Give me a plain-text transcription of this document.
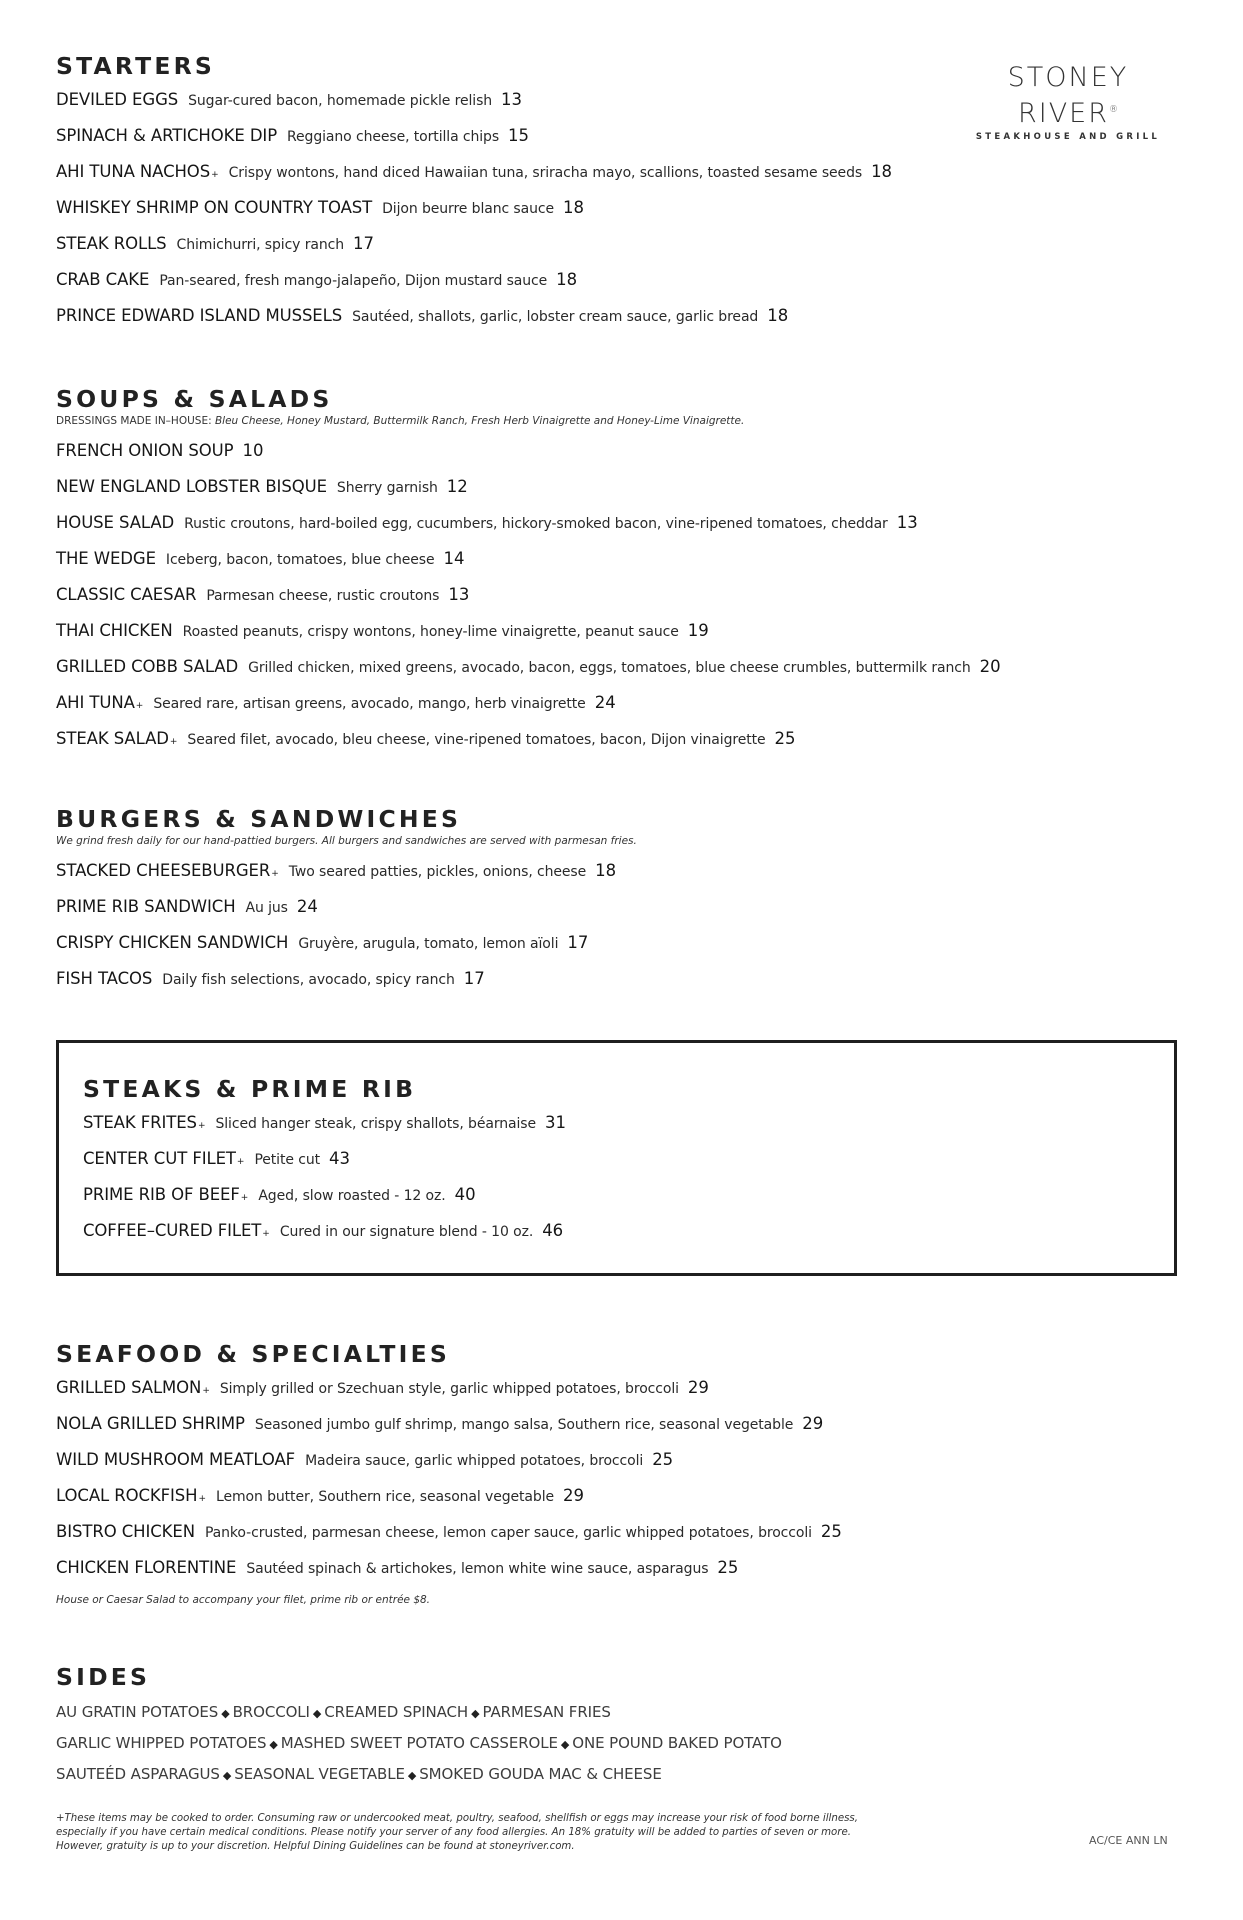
STONEY RIVER®
STEAKHOUSE AND GRILL
STARTERS
DEVILED EGGS Sugar-cured bacon, homemade pickle relish 13
SPINACH & ARTICHOKE DIP Reggiano cheese, tortilla chips 15
AHI TUNA NACHOS + Crispy wontons, hand diced Hawaiian tuna, sriracha mayo, scallions, toasted sesame seeds 18
WHISKEY SHRIMP ON COUNTRY TOAST Dijon beurre blanc sauce 18
STEAK ROLLS Chimichurri, spicy ranch 17
CRAB CAKE Pan-seared, fresh mango-jalapeño, Dijon mustard sauce 18
PRINCE EDWARD ISLAND MUSSELS Sautéed, shallots, garlic, lobster cream sauce, garlic bread 18
SOUPS & SALADS
DRESSINGS MADE IN–HOUSE: Bleu Cheese, Honey Mustard, Buttermilk Ranch, Fresh Herb Vinaigrette and Honey-Lime Vinaigrette.
FRENCH ONION SOUP 10
NEW ENGLAND LOBSTER BISQUE Sherry garnish 12
HOUSE SALAD Rustic croutons, hard-boiled egg, cucumbers, hickory-smoked bacon, vine-ripened tomatoes, cheddar 13
THE WEDGE Iceberg, bacon, tomatoes, blue cheese 14
CLASSIC CAESAR Parmesan cheese, rustic croutons 13
THAI CHICKEN Roasted peanuts, crispy wontons, honey-lime vinaigrette, peanut sauce 19
GRILLED COBB SALAD Grilled chicken, mixed greens, avocado, bacon, eggs, tomatoes, blue cheese crumbles, buttermilk ranch 20
AHI TUNA + Seared rare, artisan greens, avocado, mango, herb vinaigrette 24
STEAK SALAD + Seared filet, avocado, bleu cheese, vine-ripened tomatoes, bacon, Dijon vinaigrette 25
BURGERS & SANDWICHES
We grind fresh daily for our hand-pattied burgers. All burgers and sandwiches are served with parmesan fries.
STACKED CHEESEBURGER + Two seared patties, pickles, onions, cheese 18
PRIME RIB SANDWICH Au jus 24
CRISPY CHICKEN SANDWICH Gruyère, arugula, tomato, lemon aïoli 17
FISH TACOS Daily fish selections, avocado, spicy ranch 17
STEAKS & PRIME RIB
STEAK FRITES + Sliced hanger steak, crispy shallots, béarnaise 31
CENTER CUT FILET + Petite cut 43
PRIME RIB OF BEEF + Aged, slow roasted - 12 oz. 40
COFFEE–CURED FILET + Cured in our signature blend - 10 oz. 46
SEAFOOD & SPECIALTIES
GRILLED SALMON + Simply grilled or Szechuan style, garlic whipped potatoes, broccoli 29
NOLA GRILLED SHRIMP Seasoned jumbo gulf shrimp, mango salsa, Southern rice, seasonal vegetable 29
WILD MUSHROOM MEATLOAF Madeira sauce, garlic whipped potatoes, broccoli 25
LOCAL ROCKFISH + Lemon butter, Southern rice, seasonal vegetable 29
BISTRO CHICKEN Panko-crusted, parmesan cheese, lemon caper sauce, garlic whipped potatoes, broccoli 25
CHICKEN FLORENTINE Sautéed spinach & artichokes, lemon white wine sauce, asparagus 25
House or Caesar Salad to accompany your filet, prime rib or entrée $8.
SIDES
AU GRATIN POTATOES ◆ BROCCOLI ◆ CREAMED SPINACH ◆ PARMESAN FRIES
GARLIC WHIPPED POTATOES ◆ MASHED SWEET POTATO CASSEROLE ◆ ONE POUND BAKED POTATO
SAUTEÉD ASPARAGUS ◆ SEASONAL VEGETABLE ◆ SMOKED GOUDA MAC & CHEESE
+These items may be cooked to order. Consuming raw or undercooked meat, poultry, seafood, shellfish or eggs may increase your risk of food borne illness,
especially if you have certain medical conditions. Please notify your server of any food allergies. An 18% gratuity will be added to parties of seven or more.
However, gratuity is up to your discretion. Helpful Dining Guidelines can be found at stoneyriver.com.	AC/CE ANN LN
